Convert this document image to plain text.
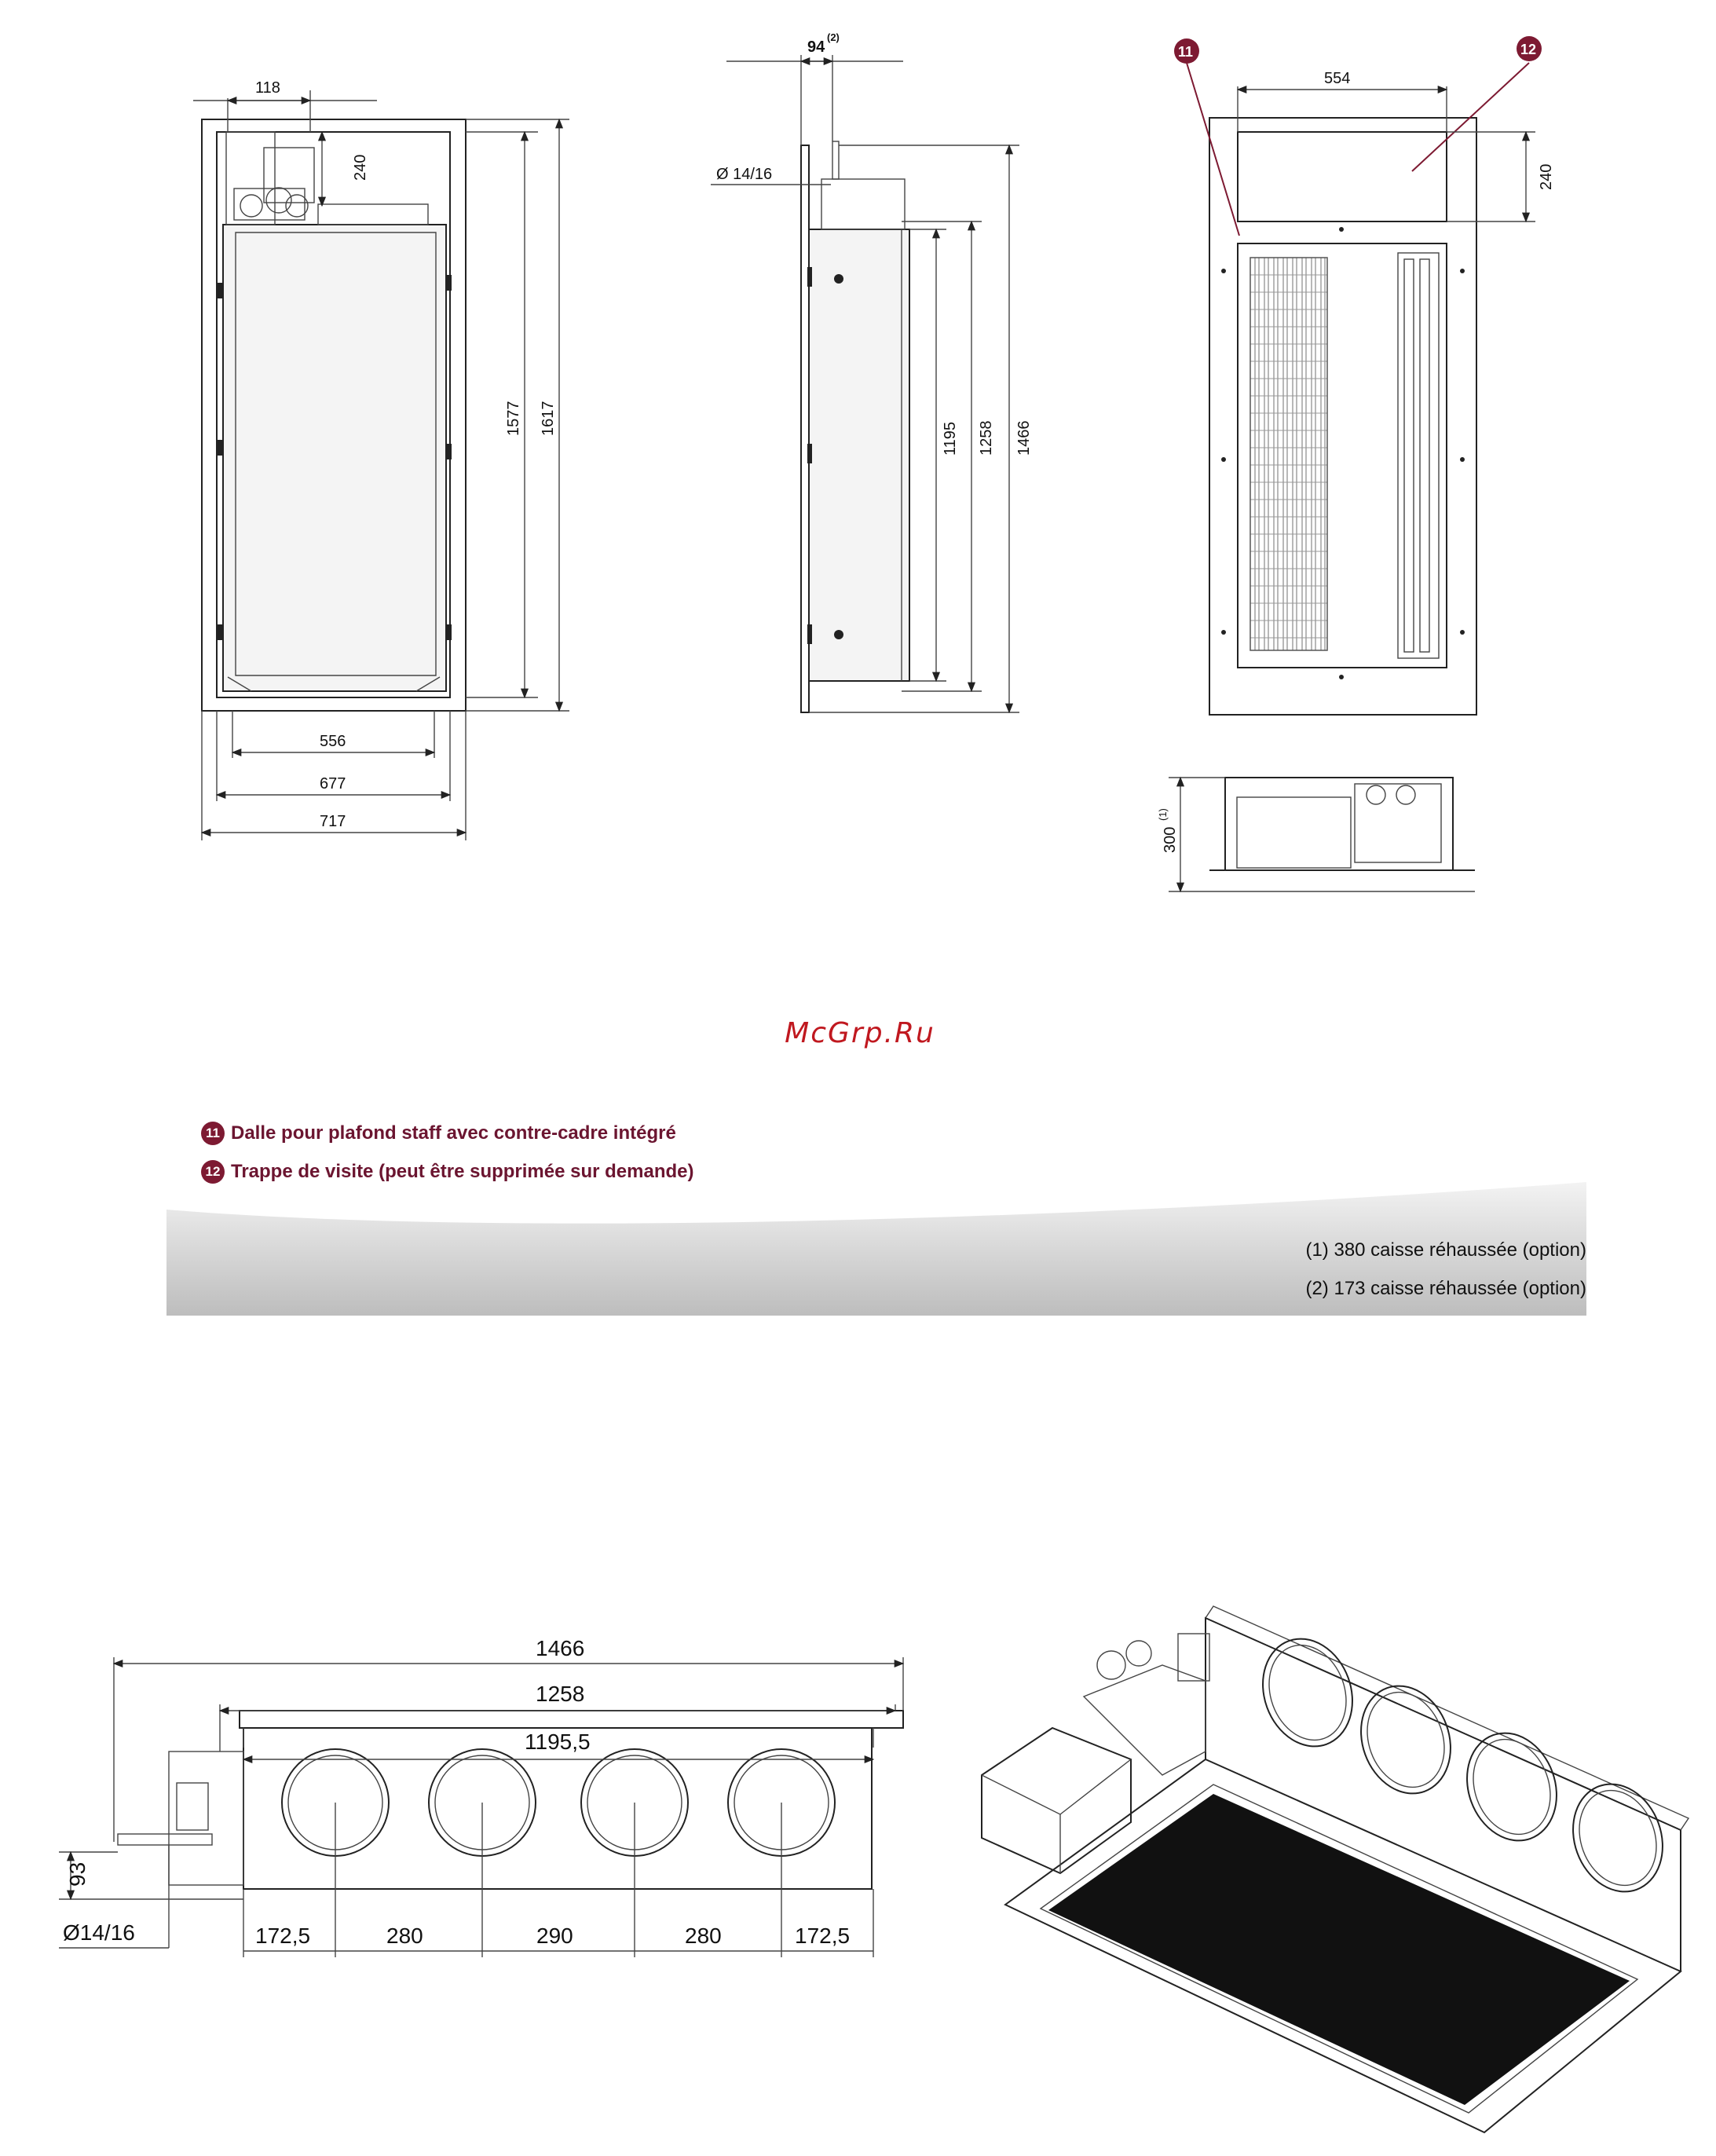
118
240
1577 1617
556
677
717
94
(2)
Ø 14/16
1195 1258 1466
11	12
554
240
300
(1)
1466
1258
1195,5
93
Ø14/16	172,5	280	290	280	172,5
McGrp.Ru
11 Dalle pour plafond staff avec contre-cadre intégré
12 Trappe de visite (peut être supprimée sur demande)
(1) 380 caisse réhaussée (option)
(2) 173 caisse réhaussée (option)
